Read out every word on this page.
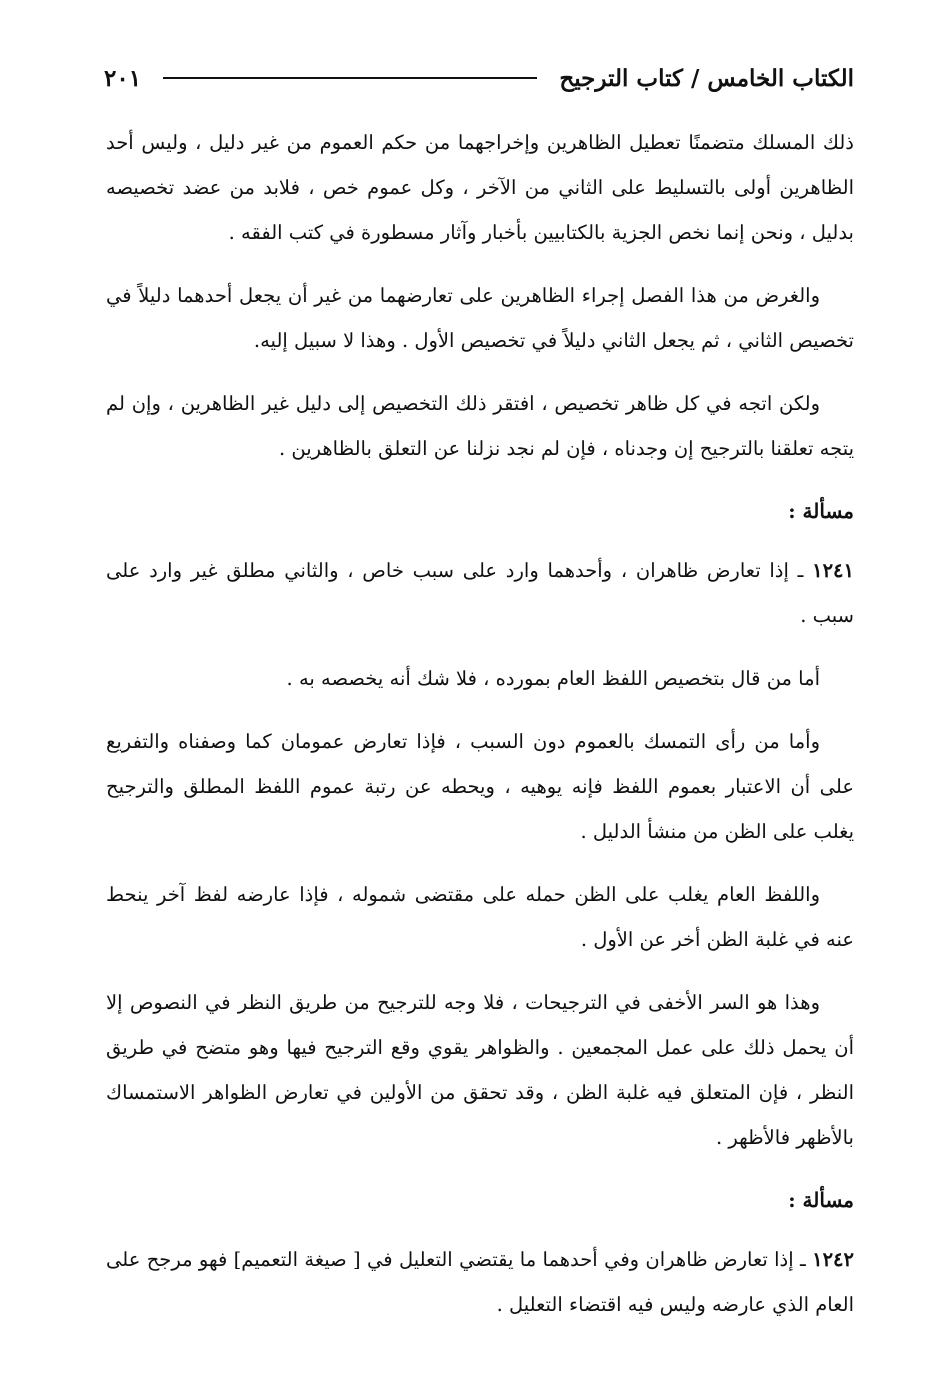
الكتاب الخامس / كتاب الترجيح
٢٠١

ذلك المسلك متضمنًا تعطيل الظاهرين وإخراجهما من حكم العموم من غير دليل ، وليس أحد الظاهرين أولى بالتسليط على الثاني من الآخر ، وكل عموم خص ، فلابد من عضد تخصيصه بدليل ، ونحن إنما نخص الجزية بالكتابيين بأخبار وآثار مسطورة في كتب الفقه .

والغرض من هذا الفصل إجراء الظاهرين على تعارضهما من غير أن يجعل أحدهما دليلاً في تخصيص الثاني ، ثم يجعل الثاني دليلاً في تخصيص الأول . وهذا لا سبيل إليه.

ولكن اتجه في كل ظاهر تخصيص ، افتقر ذلك التخصيص إلى دليل غير الظاهرين ، وإن لم يتجه تعلقنا بالترجيح إن وجدناه ، فإن لم نجد نزلنا عن التعلق بالظاهرين .

مسألة :

١٢٤١ ـ إذا تعارض ظاهران ، وأحدهما وارد على سبب خاص ، والثاني مطلق غير وارد على سبب .

أما من قال بتخصيص اللفظ العام بمورده ، فلا شك أنه يخصصه به .

وأما من رأى التمسك بالعموم دون السبب ، فإذا تعارض عمومان كما وصفناه والتفريع على أن الاعتبار بعموم اللفظ فإنه يوهيه ، ويحطه عن رتبة عموم اللفظ المطلق والترجيح يغلب على الظن من منشأ الدليل .

واللفظ العام يغلب على الظن حمله على مقتضى شموله ، فإذا عارضه لفظ آخر ينحط عنه في غلبة الظن أخر عن الأول .

وهذا هو السر الأخفى في الترجيحات ، فلا وجه للترجيح من طريق النظر في النصوص إلا أن يحمل ذلك على عمل المجمعين . والظواهر يقوي وقع الترجيح فيها وهو متضح في طريق النظر ، فإن المتعلق فيه غلبة الظن ، وقد تحقق من الأولين في تعارض الظواهر الاستمساك بالأظهر فالأظهر .

مسألة :

١٢٤٢ ـ إذا تعارض ظاهران وفي أحدهما ما يقتضي التعليل في [ صيغة التعميم] فهو مرجح على العام الذي عارضه وليس فيه اقتضاء التعليل .
